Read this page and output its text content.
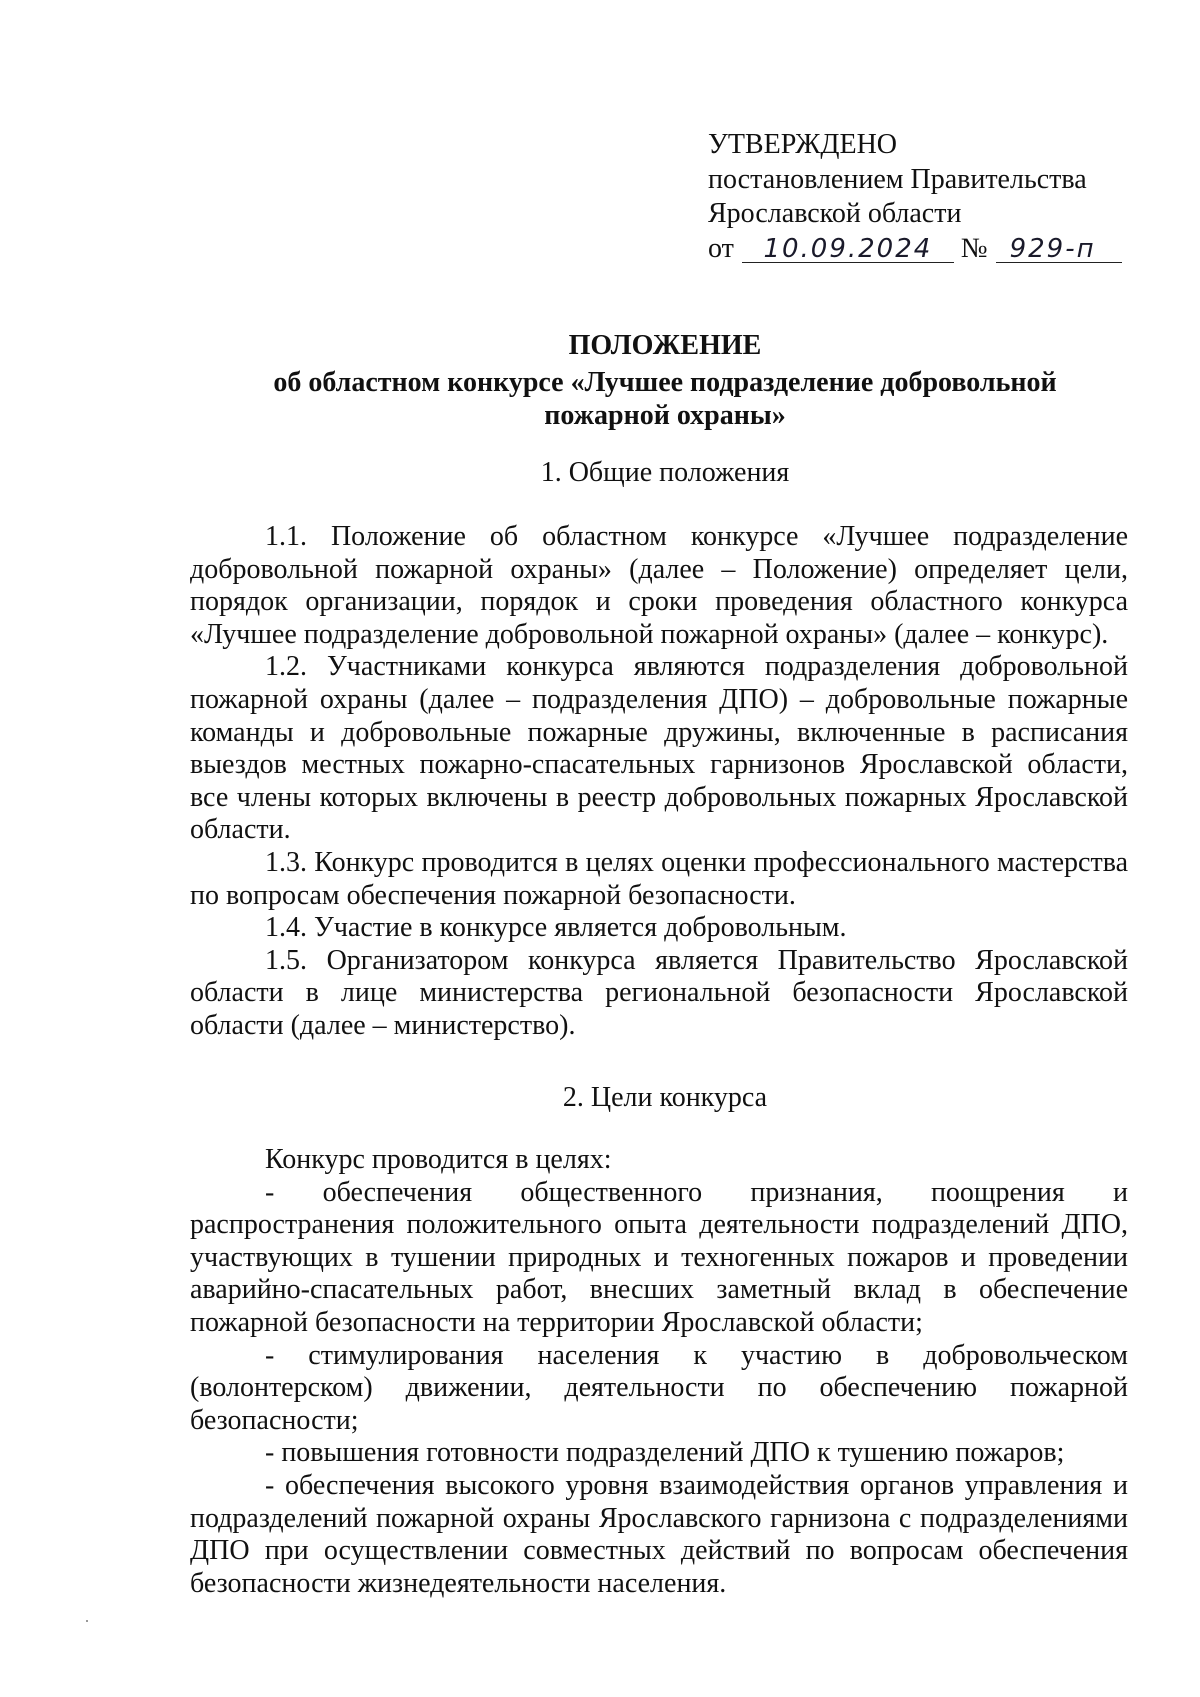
УТВЕРЖДЕНО
постановлением Правительства
Ярославской области
от 10.09.2024 № 929-п
ПОЛОЖЕНИЕ
об областном конкурсе «Лучшее подразделение добровольной
пожарной охраны»
1. Общие положения

1.1. Положение об областном конкурсе «Лучшее подразделение добровольной пожарной охраны» (далее – Положение) определяет цели, порядок организации, порядок и сроки проведения областного конкурса «Лучшее подразделение добровольной пожарной охраны» (далее – конкурс).

1.2. Участниками конкурса являются подразделения добровольной пожарной охраны (далее – подразделения ДПО) – добровольные пожарные команды и добровольные пожарные дружины, включенные в расписания выездов местных пожарно-спасательных гарнизонов Ярославской области, все члены которых включены в реестр добровольных пожарных Ярославской области.

1.3. Конкурс проводится в целях оценки профессионального мастерства по вопросам обеспечения пожарной безопасности.

1.4. Участие в конкурсе является добровольным.

1.5. Организатором конкурса является Правительство Ярославской области в лице министерства региональной безопасности Ярославской области (далее – министерство).

2. Цели конкурса

Конкурс проводится в целях:

- обеспечения общественного признания, поощрения и распространения положительного опыта деятельности подразделений ДПО, участвующих в тушении природных и техногенных пожаров и проведении аварийно-спасательных работ, внесших заметный вклад в обеспечение пожарной безопасности на территории Ярославской области;

- стимулирования населения к участию в добровольческом (волонтерском) движении, деятельности по обеспечению пожарной безопасности;

- повышения готовности подразделений ДПО к тушению пожаров;

- обеспечения высокого уровня взаимодействия органов управления и подразделений пожарной охраны Ярославского гарнизона с подразделениями ДПО при осуществлении совместных действий по вопросам обеспечения безопасности жизнедеятельности населения.
